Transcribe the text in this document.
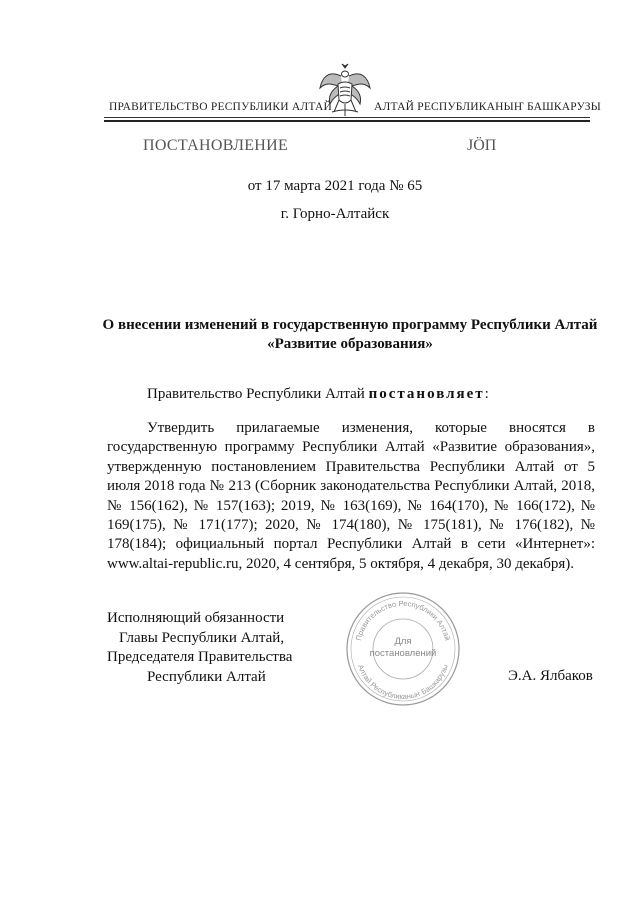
ПРАВИТЕЛЬСТВО РЕСПУБЛИКИ АЛТАЙ	АЛТАЙ РЕСПУБЛИКАНЫҤ БАШКАРУЗЫ
ПОСТАНОВЛЕНИЕ	JӦП
от 17 марта 2021 года № 65
г. Горно-Алтайск
О внесении изменений в государственную программу Республики Алтай «Развитие образования»
Правительство Республики Алтай постановляет:
Утвердить прилагаемые изменения, которые вносятся в государственную программу Республики Алтай «Развитие образования», утвержденную постановлением Правительства Республики Алтай от 5 июля 2018 года № 213 (Сборник законодательства Республики Алтай, 2018, № 156(162), № 157(163); 2019, № 163(169), № 164(170), № 166(172), № 169(175), № 171(177); 2020, № 174(180), № 175(181), № 176(182), № 178(184); официальный портал Республики Алтай в сети «Интернет»: www.altai-republic.ru, 2020, 4 сентября, 5 октября, 4 декабря, 30 декабря).
Исполняющий обязанности
Главы Республики Алтай,
Председателя Правительства
Республики Алтай	Э.А. Ялбаков
Правительство Республики Алтай
Алтай Республиканыҥ Башкарузы
Для
постановлений
